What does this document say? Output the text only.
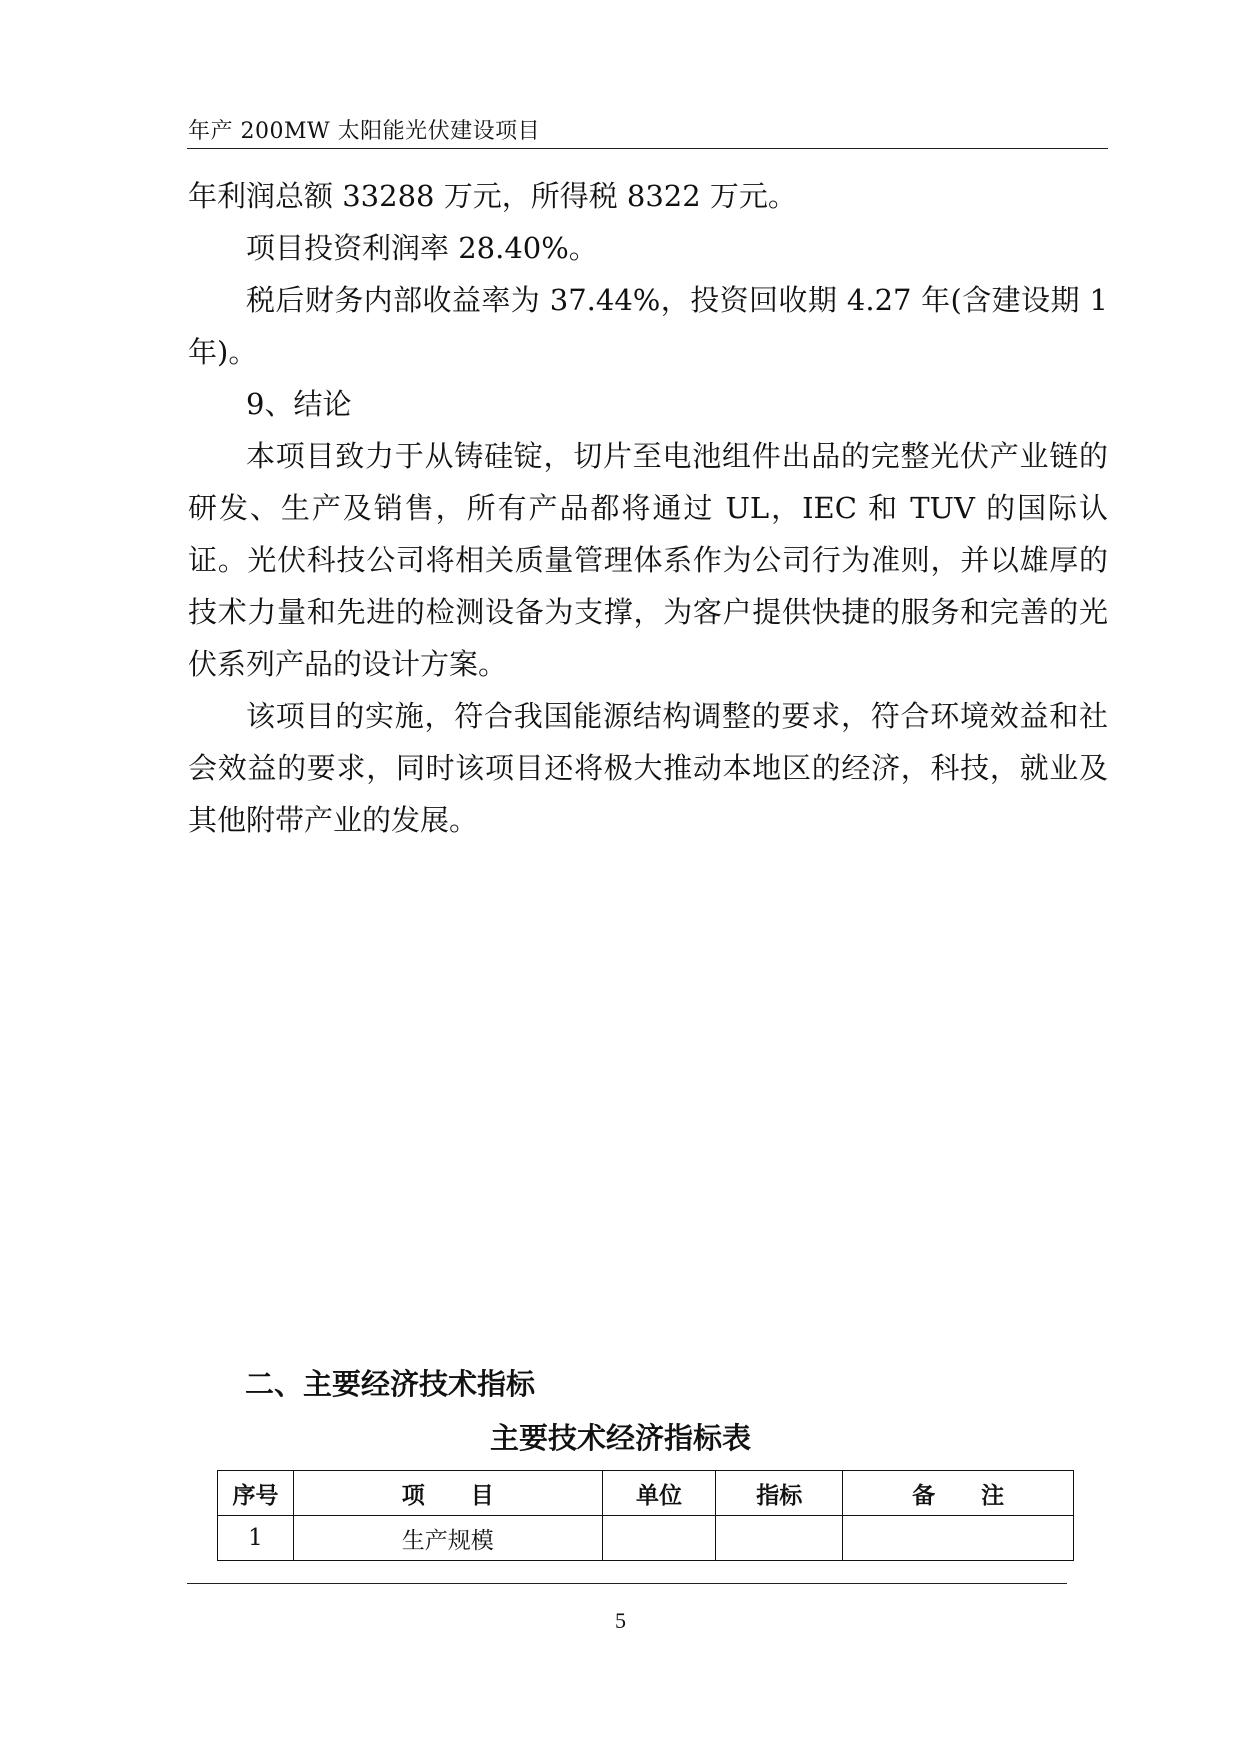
年产 200MW 太阳能光伏建设项目

年利润总额 33288 万元，所得税 8322 万元。

项目投资利润率 28.40%。

税后财务内部收益率为 37.44%，投资回收期 4.27 年(含建设期 1 年)。

9、结论

本项目致力于从铸硅锭，切片至电池组件出品的完整光伏产业链的研发、生产及销售，所有产品都将通过 UL，IEC 和 TUV 的国际认证。光伏科技公司将相关质量管理体系作为公司行为准则，并以雄厚的技术力量和先进的检测设备为支撑，为客户提供快捷的服务和完善的光伏系列产品的设计方案。

该项目的实施，符合我国能源结构调整的要求，符合环境效益和社会效益的要求，同时该项目还将极大推动本地区的经济，科技，就业及其他附带产业的发展。

二、主要经济技术指标
主要技术经济指标表
序号	项　　目	单位	指标	备　　注
1	生产规模			
5
